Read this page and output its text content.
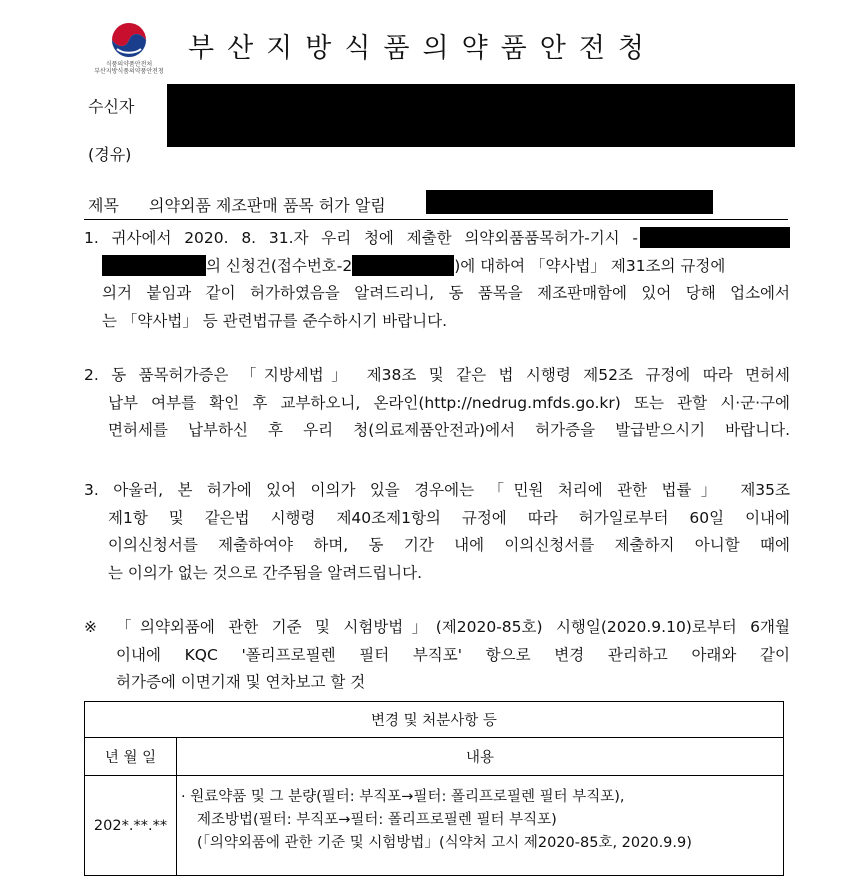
식품의약품안전처
부산지방식품의약품안전청
부산지방식품의약품안전청
수신자
(경유)
제목 의약외품 제조판매 품목 허가 알림
1. 귀사에서 2020. 8. 31.자 우리 청에 제출한 의약외품품목허가-기시 -
의 신청건(접수번호-2	)에 대하여 「약사법」 제31조의 규정에
의거 붙임과 같이 허가하였음을 알려드리니, 동 품목을 제조판매함에 있어 당해 업소에서
는 「약사법」 등 관련법규를 준수하시기 바랍니다.
2. 동 품목허가증은 「지방세법」 제38조 및 같은 법 시행령 제52조 규정에 따라 면허세
납부 여부를 확인 후 교부하오니, 온라인(http://nedrug.mfds.go.kr) 또는 관할 시·군·구에
면허세를 납부하신 후 우리 청(의료제품안전과)에서 허가증을 발급받으시기 바랍니다.
3. 아울러, 본 허가에 있어 이의가 있을 경우에는 「민원 처리에 관한 법률」 제35조
제1항 및 같은법 시행령 제40조제1항의 규정에 따라 허가일로부터 60일 이내에
이의신청서를 제출하여야 하며, 동 기간 내에 이의신청서를 제출하지 아니할 때에
는 이의가 없는 것으로 간주됨을 알려드립니다.
※ 「의약외품에 관한 기준 및 시험방법」(제2020-85호) 시행일(2020.9.10)로부터 6개월
이내에 KQC '폴리프로필렌 필터 부직포' 항으로 변경 관리하고 아래와 같이
허가증에 이면기재 및 연차보고 할 것
변경 및 처분사항 등	
년 월 일	내용
202*.**.**	· 원료약품 및 그 분량(필터: 부직포→필터: 폴리프로필렌 필터 부직포),
제조방법(필터: 부직포→필터: 폴리프로필렌 필터 부직포)
(「의약외품에 관한 기준 및 시험방법」(식약처 고시 제2020-85호, 2020.9.9)
